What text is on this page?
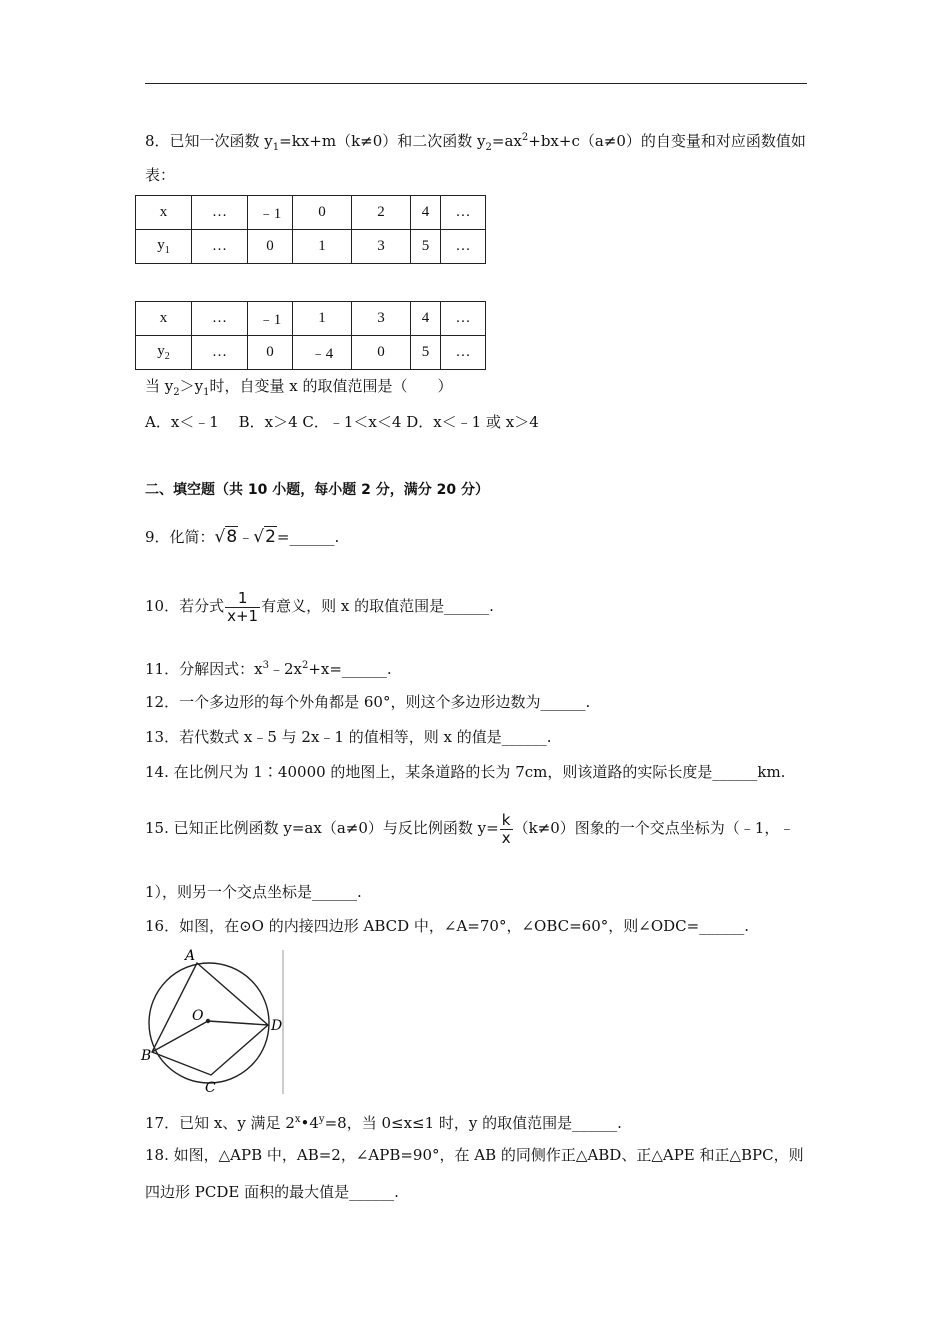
8．已知一次函数 $y_1=kx+m(k\ne 0)$和二次函数 $y_2=ax^2+bx+c(a\ne 0)$的自变量和对应函数值如
表：
x	…	﹣1	0	2	4	…
$y_1$	…	0	1	3	5	…
x	…	﹣1	1	3	4	…
$y_2$	…	0	﹣4	0	5	…
当 $y_2>y_1$时，自变量 x 的取值范围是（　　）
A．x＜﹣1　 B．x＞4 C．﹣1＜x＜4 D．x＜﹣1 或 x＞4
二、填空题（共 10 小题，每小题 2 分，满分 20 分）
9．化简：√8﹣√2=______.
10．若分式 $\frac{1}{x+1}$ 有意义，则 x 的取值范围是______.
11．分解因式：$x^3﹣2x^2+x=\_\_\_\_\_\_$.
12．一个多边形的每个外角都是 60°，则这个多边形边数为______.
13．若代数式 x﹣5 与 2x﹣1 的值相等，则 x 的值是______.
14. 在比例尺为 1∶40000 的地图上，某条道路的长为 7cm，则该道路的实际长度是______km.
15. 已知正比例函数 y=ax（a≠0）与反比例函数 $y= \frac{k}{x} (k\ne 0)$图象的一个交点坐标为（﹣1，﹣
1），则另一个交点坐标是______.
16．如图，在⊙O 的内接四边形 ABCD 中，∠A=70°，∠OBC=60°，则∠ODC=______.
A
O
D
B
C
17．已知 x、y 满足 $2^x•4^y=8$，当 0≤x≤1 时，y 的取值范围是______.
18. 如图，△APB 中，AB=2，∠APB=90°，在 AB 的同侧作正△ABD、正△APE 和正△BPC，则
四边形 PCDE 面积的最大值是______.
